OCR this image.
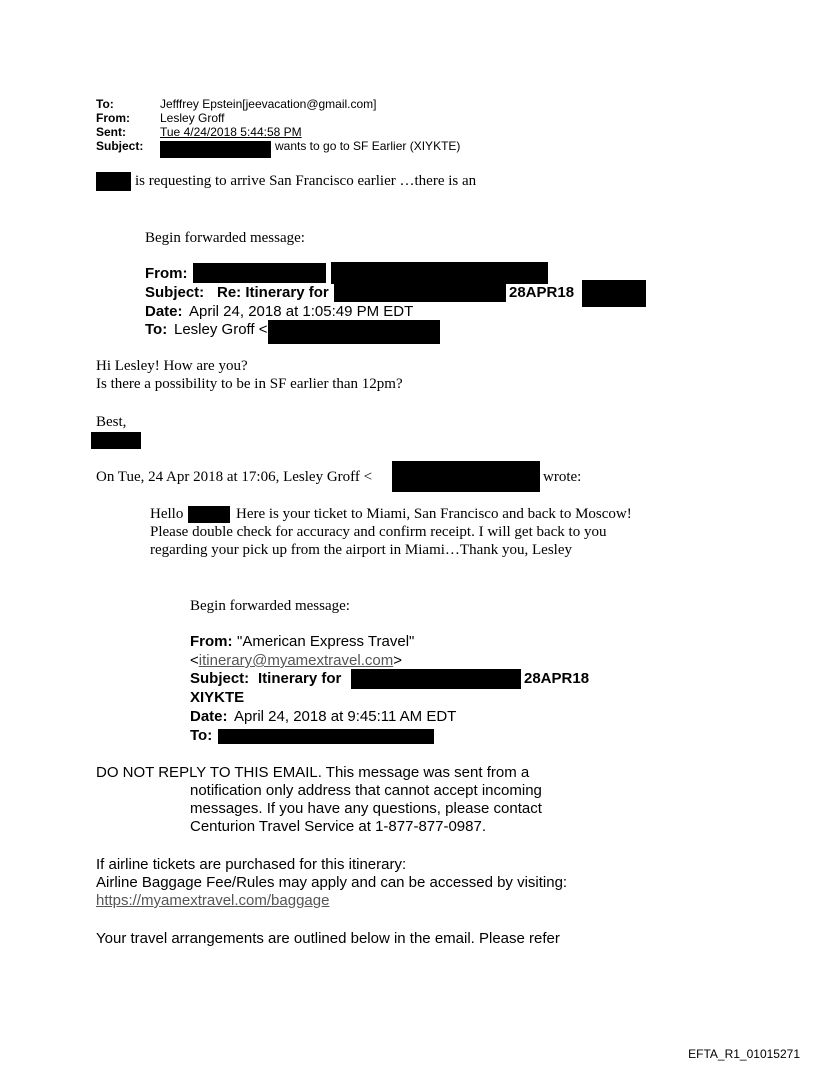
To:	Jefffrey Epstein[jeevacation@gmail.com]
From:	Lesley Groff
Sent:	Tue 4/24/2018 5:44:58 PM
Subject:	wants to go to SF Earlier (XIYKTE)
is requesting to arrive San Francisco earlier …there is an
Begin forwarded message:
From:
Subject: Re: Itinerary for	28APR18
Date: April 24, 2018 at 1:05:49 PM EDT
To: Lesley Groff <
Hi Lesley! How are you?
Is there a possibility to be in SF earlier than 12pm?
Best,
On Tue, 24 Apr 2018 at 17:06, Lesley Groff <	wrote:
Hello	Here is your ticket to Miami, San Francisco and back to Moscow!
Please double check for accuracy and confirm receipt. I will get back to you
regarding your pick up from the airport in Miami…Thank you, Lesley
Begin forwarded message:
From: "American Express Travel"
<itinerary@myamextravel.com>
Subject: Itinerary for	28APR18
XIYKTE
Date: April 24, 2018 at 9:45:11 AM EDT
To:
DO NOT REPLY TO THIS EMAIL. This message was sent from a
notification only address that cannot accept incoming
messages. If you have any questions, please contact
Centurion Travel Service at 1-877-877-0987.
If airline tickets are purchased for this itinerary:
Airline Baggage Fee/Rules may apply and can be accessed by visiting:
https://myamextravel.com/baggage
Your travel arrangements are outlined below in the email. Please refer
EFTA_R1_01015271
